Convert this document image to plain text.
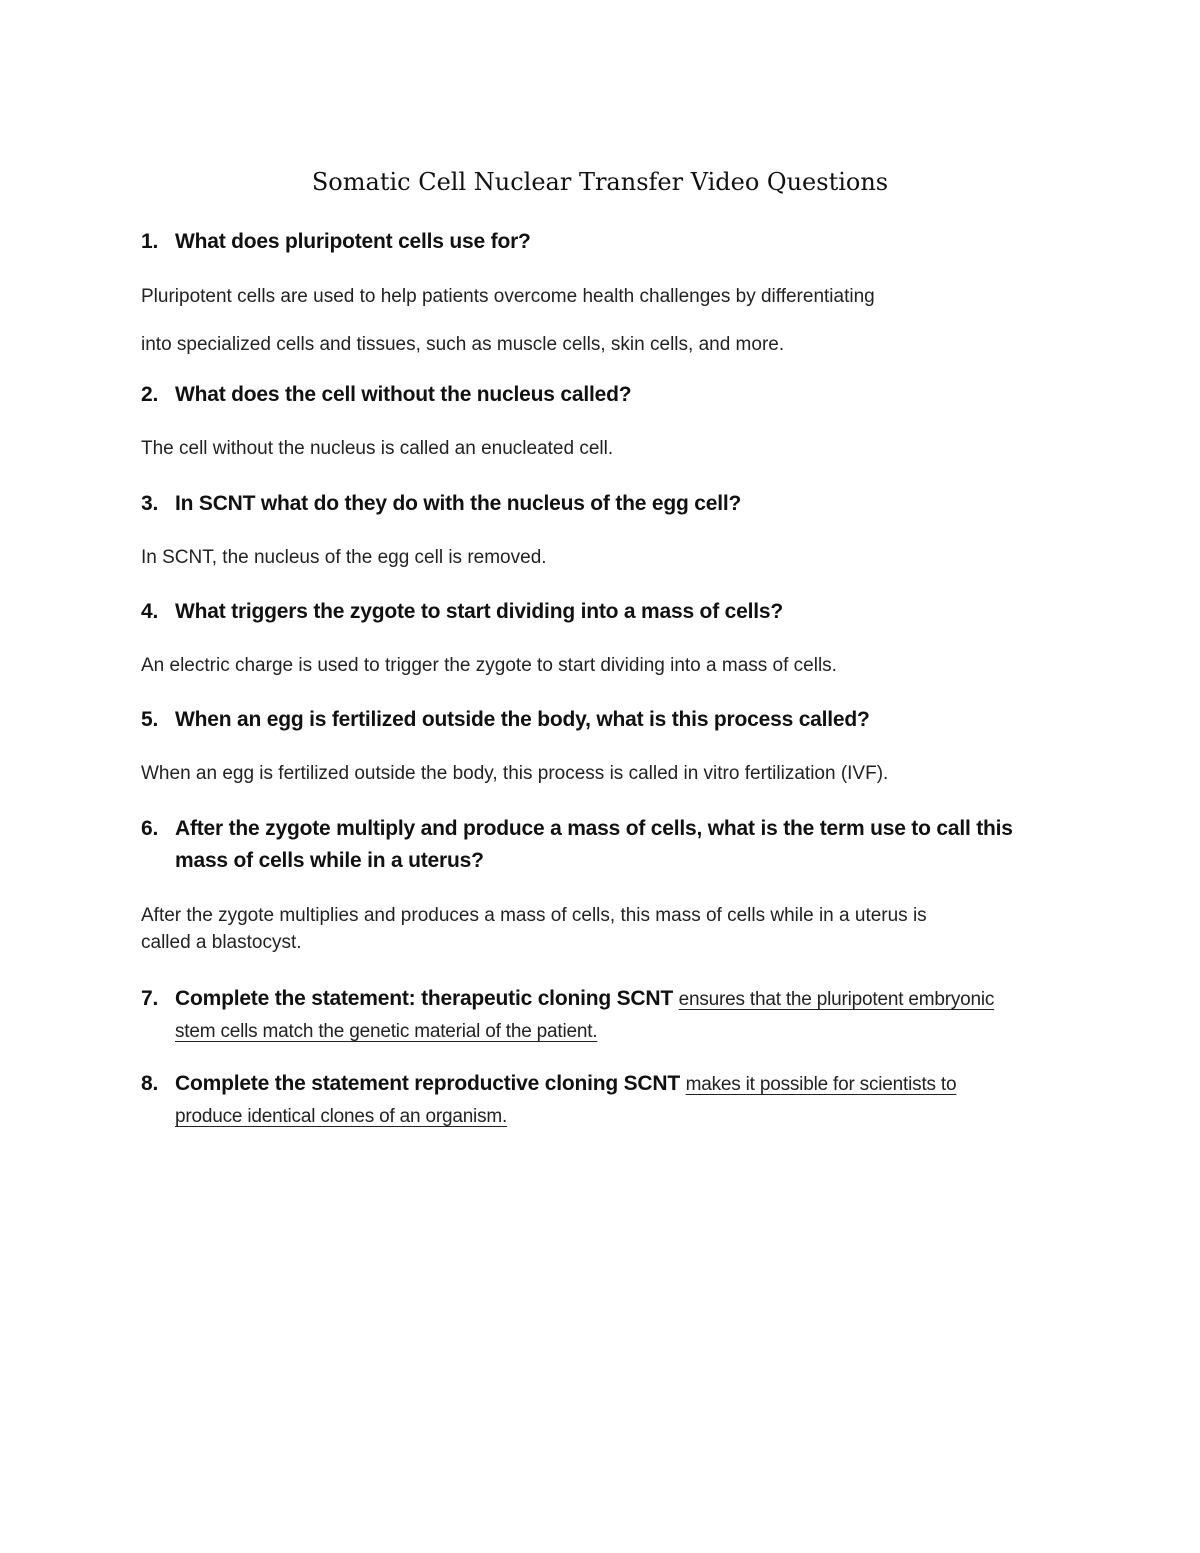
Somatic Cell Nuclear Transfer Video Questions
1. What does pluripotent cells use for?
Pluripotent cells are used to help patients overcome health challenges by differentiating
into specialized cells and tissues, such as muscle cells, skin cells, and more.
2. What does the cell without the nucleus called?
The cell without the nucleus is called an enucleated cell.
3. In SCNT what do they do with the nucleus of the egg cell?
In SCNT, the nucleus of the egg cell is removed.
4. What triggers the zygote to start dividing into a mass of cells?
An electric charge is used to trigger the zygote to start dividing into a mass of cells.
5. When an egg is fertilized outside the body, what is this process called?
When an egg is fertilized outside the body, this process is called in vitro fertilization (IVF).
6. After the zygote multiply and produce a mass of cells, what is the term use to call this
mass of cells while in a uterus?
After the zygote multiplies and produces a mass of cells, this mass of cells while in a uterus is
called a blastocyst.
7. Complete the statement: therapeutic cloning SCNT ensures that the pluripotent embryonic
stem cells match the genetic material of the patient.
8. Complete the statement reproductive cloning SCNT makes it possible for scientists to
produce identical clones of an organism.
